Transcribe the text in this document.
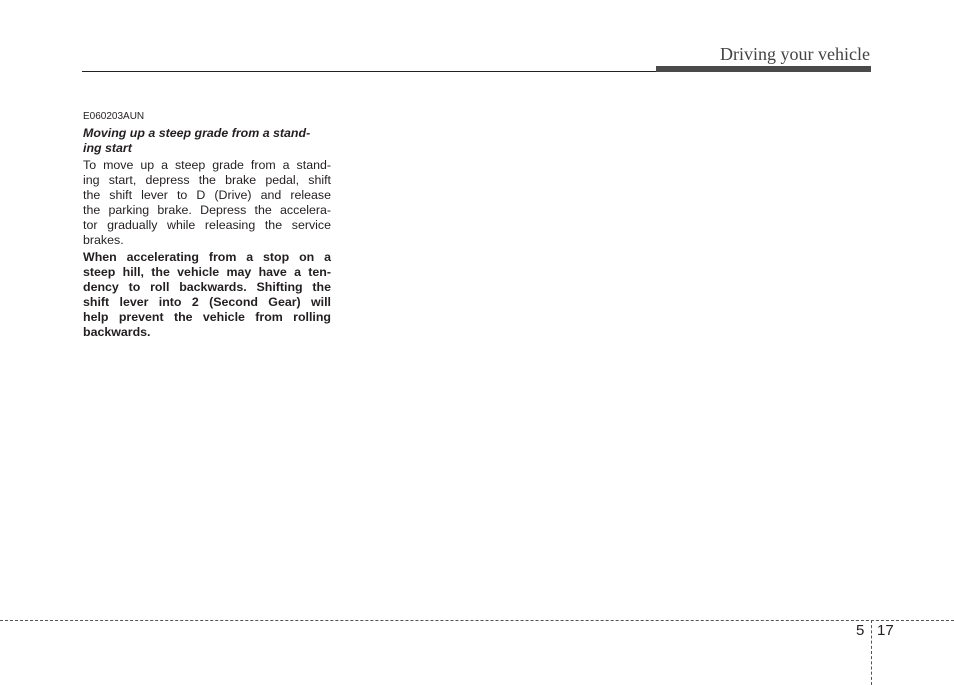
Driving your vehicle
E060203AUN
Moving up a steep grade from a stand-
ing start
To move up a steep grade from a stand-
ing start, depress the brake pedal, shift
the shift lever to D (Drive) and release
the parking brake. Depress the accelera-
tor gradually while releasing the service
brakes.
When accelerating from a stop on a
steep hill, the vehicle may have a ten-
dency to roll backwards. Shifting the
shift lever into 2 (Second Gear) will
help prevent the vehicle from rolling
backwards.
5 17
